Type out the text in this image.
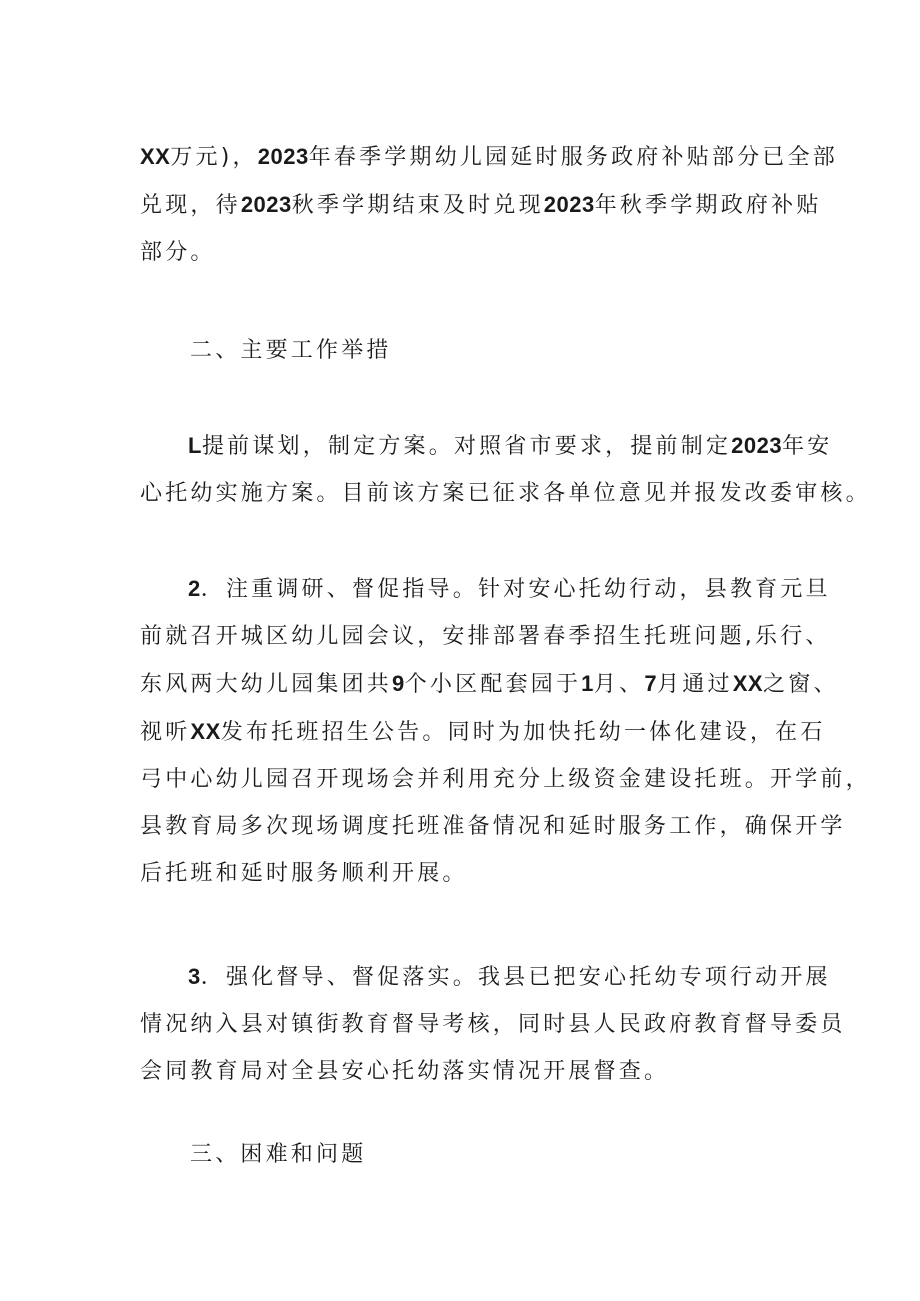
XX万元)，2023年春季学期幼儿园延时服务政府补贴部分已全部
兑现，待2023秋季学期结束及时兑现2023年秋季学期政府补贴
部分。
二、主要工作举措
L提前谋划，制定方案。对照省市要求，提前制定2023年安
心托幼实施方案。目前该方案已征求各单位意见并报发改委审核。
2．注重调研、督促指导。针对安心托幼行动，县教育元旦
前就召开城区幼儿园会议，安排部署春季招生托班问题,乐行、
东风两大幼儿园集团共9个小区配套园于1月、7月通过XX之窗、
视听XX发布托班招生公告。同时为加快托幼一体化建设，在石
弓中心幼儿园召开现场会并利用充分上级资金建设托班。开学前，
县教育局多次现场调度托班准备情况和延时服务工作，确保开学
后托班和延时服务顺利开展。
3．强化督导、督促落实。我县已把安心托幼专项行动开展
情况纳入县对镇街教育督导考核，同时县人民政府教育督导委员
会同教育局对全县安心托幼落实情况开展督查。
三、困难和问题
